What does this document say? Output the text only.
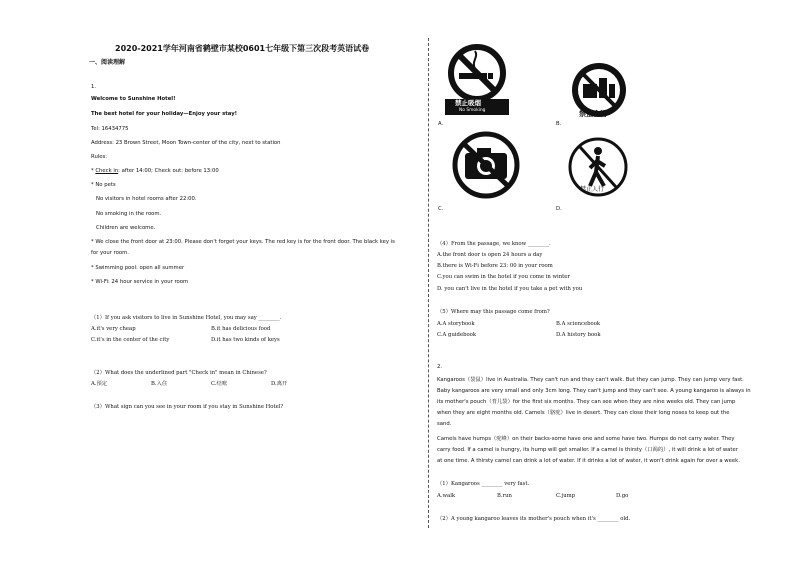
2020-2021学年河南省鹤壁市某校0601七年级下第三次段考英语试卷
一、阅读理解
1.
Welcome to Sunshine Hotel!
The best hotel for your holiday—Enjoy your stay!
Tel: 16434775
Address: 23 Brown Street, Moon Town-center of the city, next to station
Rules:
* Check in: after 14:00; Check out: before 13:00
* No pets
No visitors in hotel rooms after 22:00.
No smoking in the room.
Children are welcome.
* We close the front door at 23:00. Please don't forget your keys. The red key is for the front door. The black key is
for your room.
* Swimming pool: open all summer
* Wi-Fi: 24 hour service in your room
（1）If you ask visitors to live in Sunshine Hotel, you may say ________.
A.it's very cheap	B.it has delicious food
C.it's in the center of the city	D.it has two kinds of keys
（2）What does the underlined part "Check in" mean in Chinese?
A.预定	B.入住	C.结账	D.离开
（3）What sign can you see in your room if you stay in Sunshine Hotel?
禁止吸烟
No Smoking
A.
禁止食物
B.
C.
禁止人行
D.
（4）From the passage, we know ________.
A.the front door is open 24 hours a day
B.there is Wi-Fi before 23: 00 in your room
C.you can swim in the hotel if you come in winter
D. you can't live in the hotel if you take a pet with you
（5）Where may this passage come from?
A.A storybook	B.A sciencebook
C.A guidebook	D.A history book
2.
Kangaroos（袋鼠）live in Australia. They can't run and they can't walk. But they can jump. They can jump very fast.
Baby kangaroos are very small and only 3cm long. They can't jump and they can't see. A young kangaroo is always in
its mother's pouch（育儿袋）for the first six months. They can see when they are nine weeks old. They can jump
when they are eight months old. Camels（骆驼）live in desert. They can close their long noses to keep out the
sand.
Camels have humps（驼峰）on their backs-some have one and some have two. Humps do not carry water. They
carry food. If a camel is hungry, its hump will get smaller. If a camel is thirsty（口渴的）, it will drink a lot of water
at one time. A thirsty camel can drink a lot of water. If it drinks a lot of water, it won't drink again for over a week.
（1）Kangaroos ________ very fast.
A.walk	B.run	C.jump	D.go
（2）A young kangaroo leaves its mother's pouch when it's ________ old.
